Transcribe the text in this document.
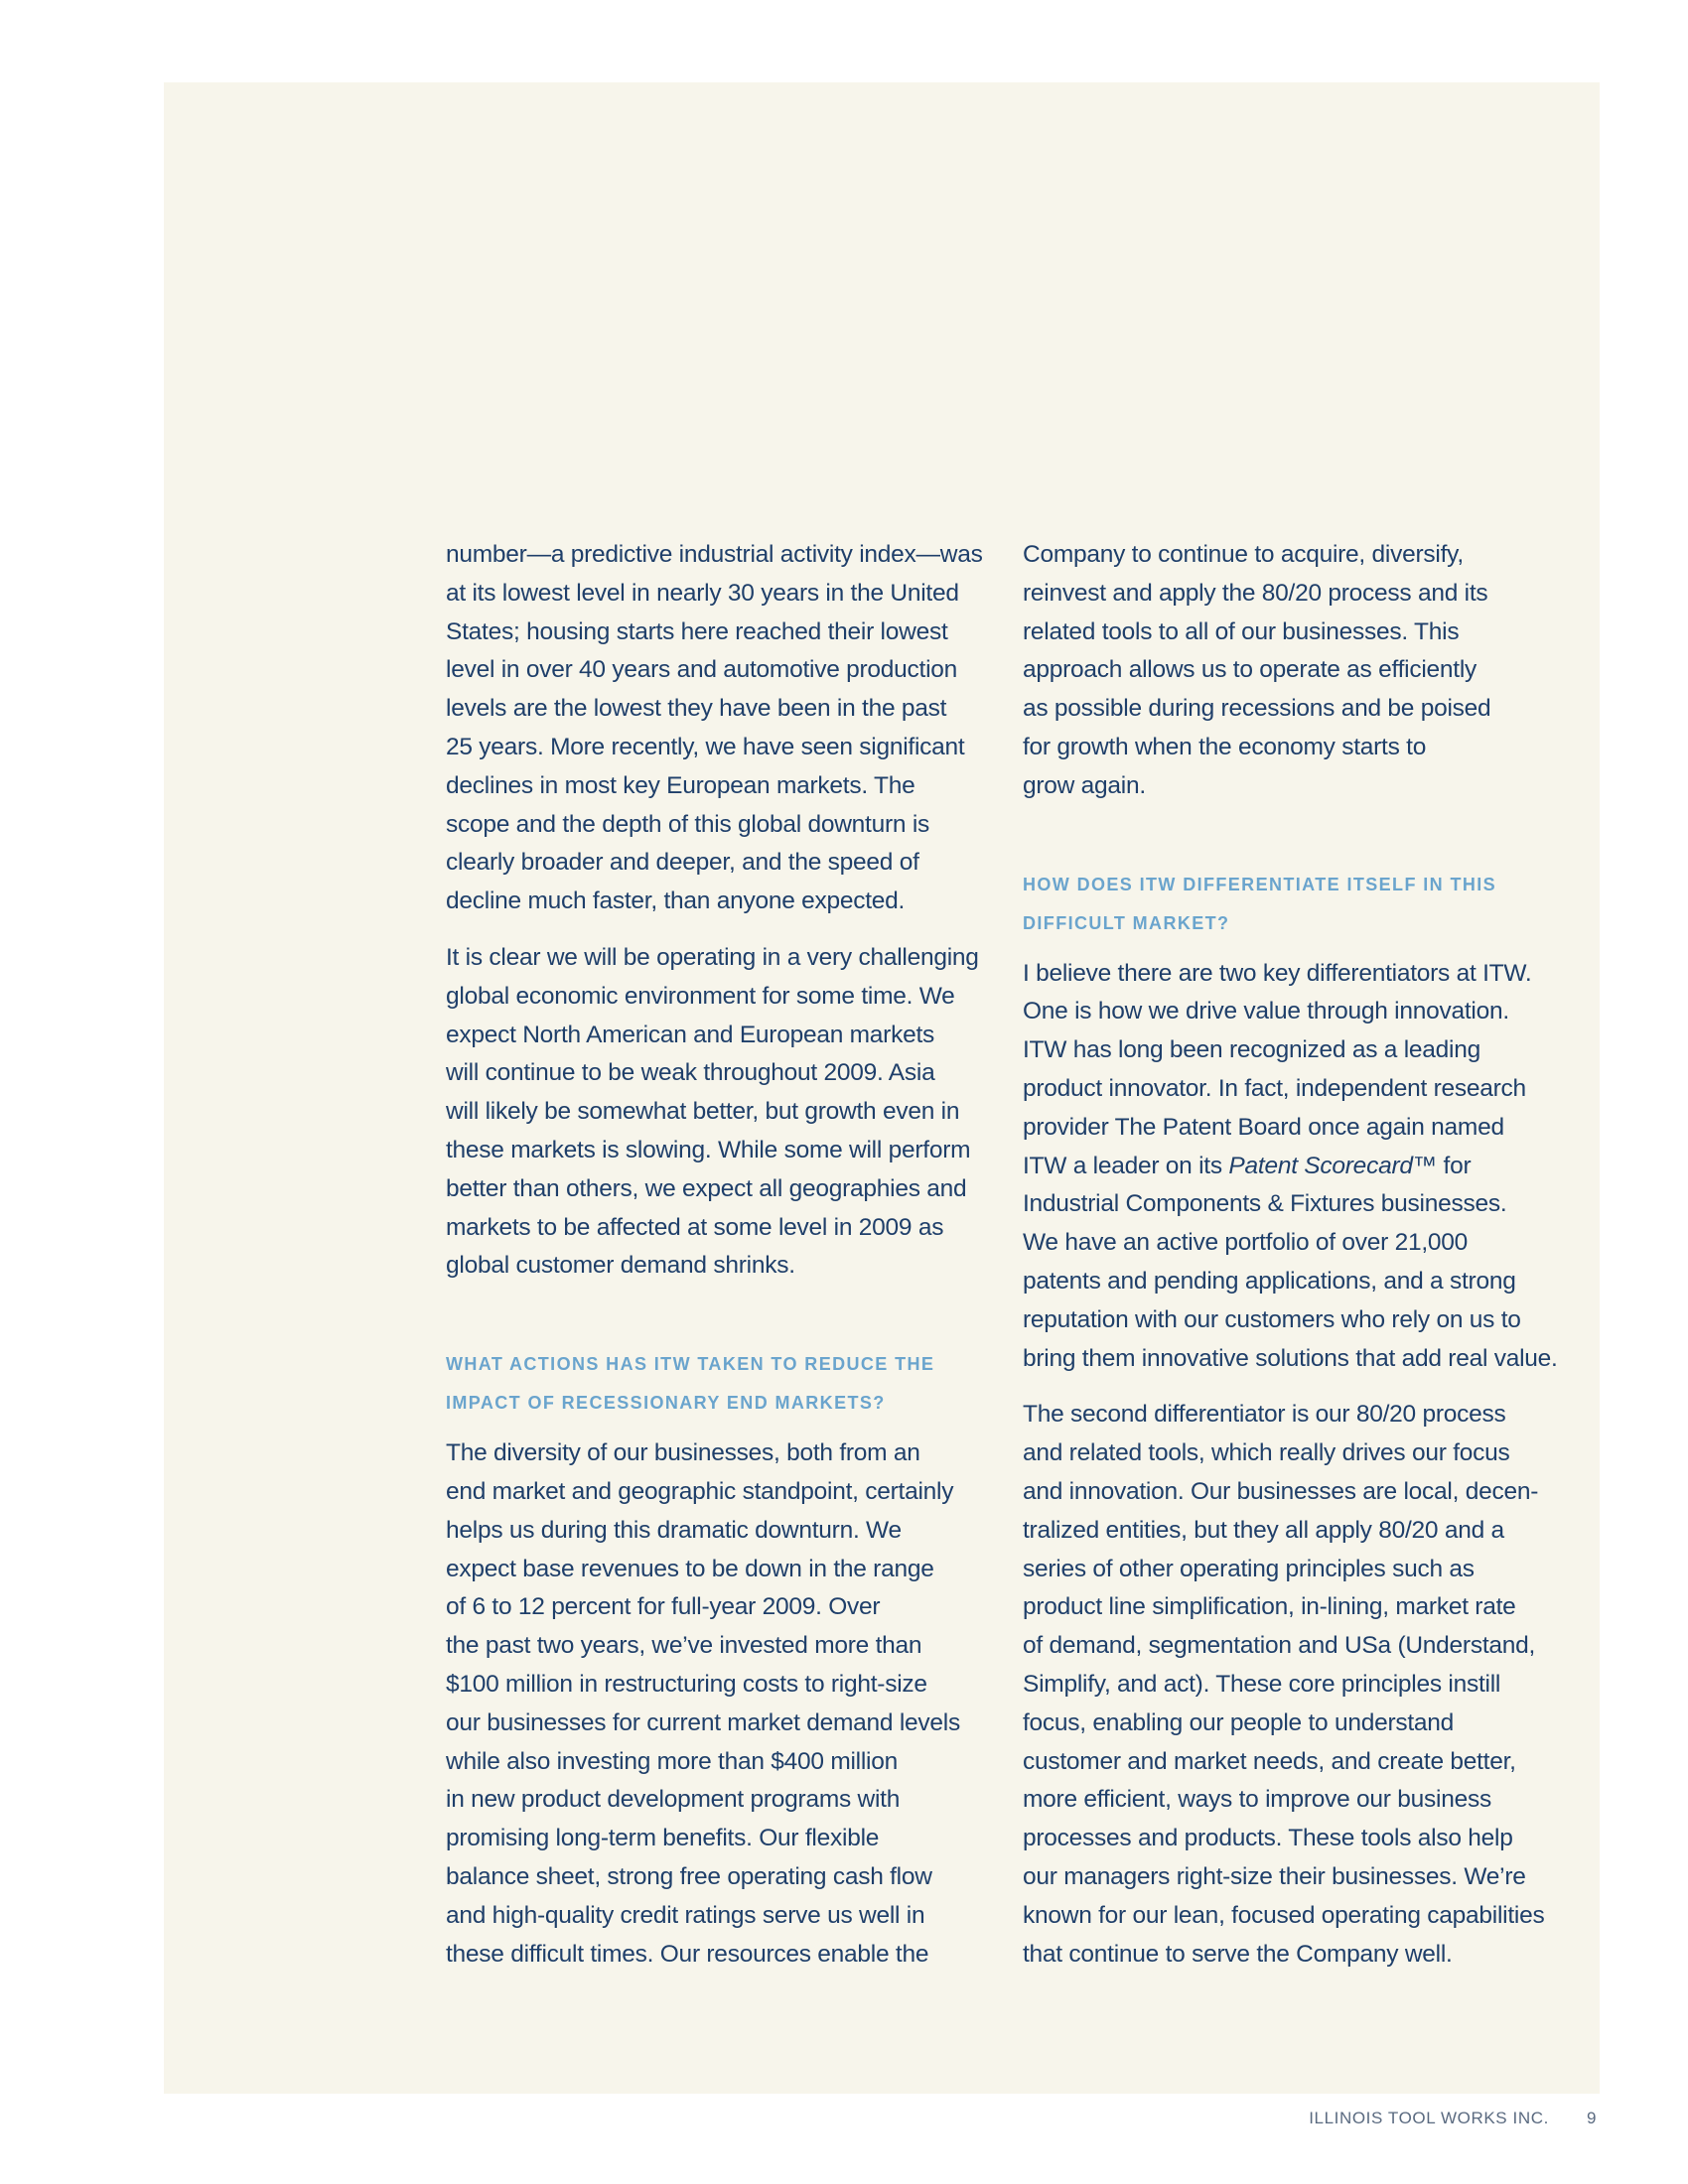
number—a predictive industrial activity index—was
at its lowest level in nearly 30 years in the United
States; housing starts here reached their lowest
level in over 40 years and automotive production
levels are the lowest they have been in the past
25 years. More recently, we have seen significant
declines in most key European markets. The
scope and the depth of this global downturn is
clearly broader and deeper, and the speed of
decline much faster, than anyone expected.

It is clear we will be operating in a very challenging
global economic environment for some time. We
expect North American and European markets
will continue to be weak throughout 2009. Asia
will likely be somewhat better, but growth even in
these markets is slowing. While some will perform
better than others, we expect all geographies and
markets to be affected at some level in 2009 as
global customer demand shrinks.

WHAT ACTIONS HAS ITW TAKEN TO REDUCE THE
IMPACT OF RECESSIONARY END MARKETS?

The diversity of our businesses, both from an
end market and geographic standpoint, certainly
helps us during this dramatic downturn. We
expect base revenues to be down in the range
of 6 to 12 percent for full-year 2009. Over
the past two years, we’ve invested more than
$100 million in restructuring costs to right-size
our businesses for current market demand levels
while also investing more than $400 million
in new product development programs with
promising long-term benefits. Our flexible
balance sheet, strong free operating cash flow
and high-quality credit ratings serve us well in
these difficult times. Our resources enable the

Company to continue to acquire, diversify,
reinvest and apply the 80/20 process and its
related tools to all of our businesses. This
approach allows us to operate as efficiently
as possible during recessions and be poised
for growth when the economy starts to
grow again.

HOW DOES ITW DIFFERENTIATE ITSELF IN THIS
DIFFICULT MARKET?

I believe there are two key differentiators at ITW.
One is how we drive value through innovation.
ITW has long been recognized as a leading
product innovator. In fact, independent research
provider The Patent Board once again named
ITW a leader on its Patent Scorecard™ for
Industrial Components & Fixtures businesses.
We have an active portfolio of over 21,000
patents and pending applications, and a strong
reputation with our customers who rely on us to
bring them innovative solutions that add real value.

The second differentiator is our 80/20 process
and related tools, which really drives our focus
and innovation. Our businesses are local, decen-
tralized entities, but they all apply 80/20 and a
series of other operating principles such as
product line simplification, in-lining, market rate
of demand, segmentation and USa (Understand,
Simplify, and act). These core principles instill
focus, enabling our people to understand
customer and market needs, and create better,
more efficient, ways to improve our business
processes and products. These tools also help
our managers right-size their businesses. We’re
known for our lean, focused operating capabilities
that continue to serve the Company well.

ILLINOIS TOOL WORKS INC. 9
